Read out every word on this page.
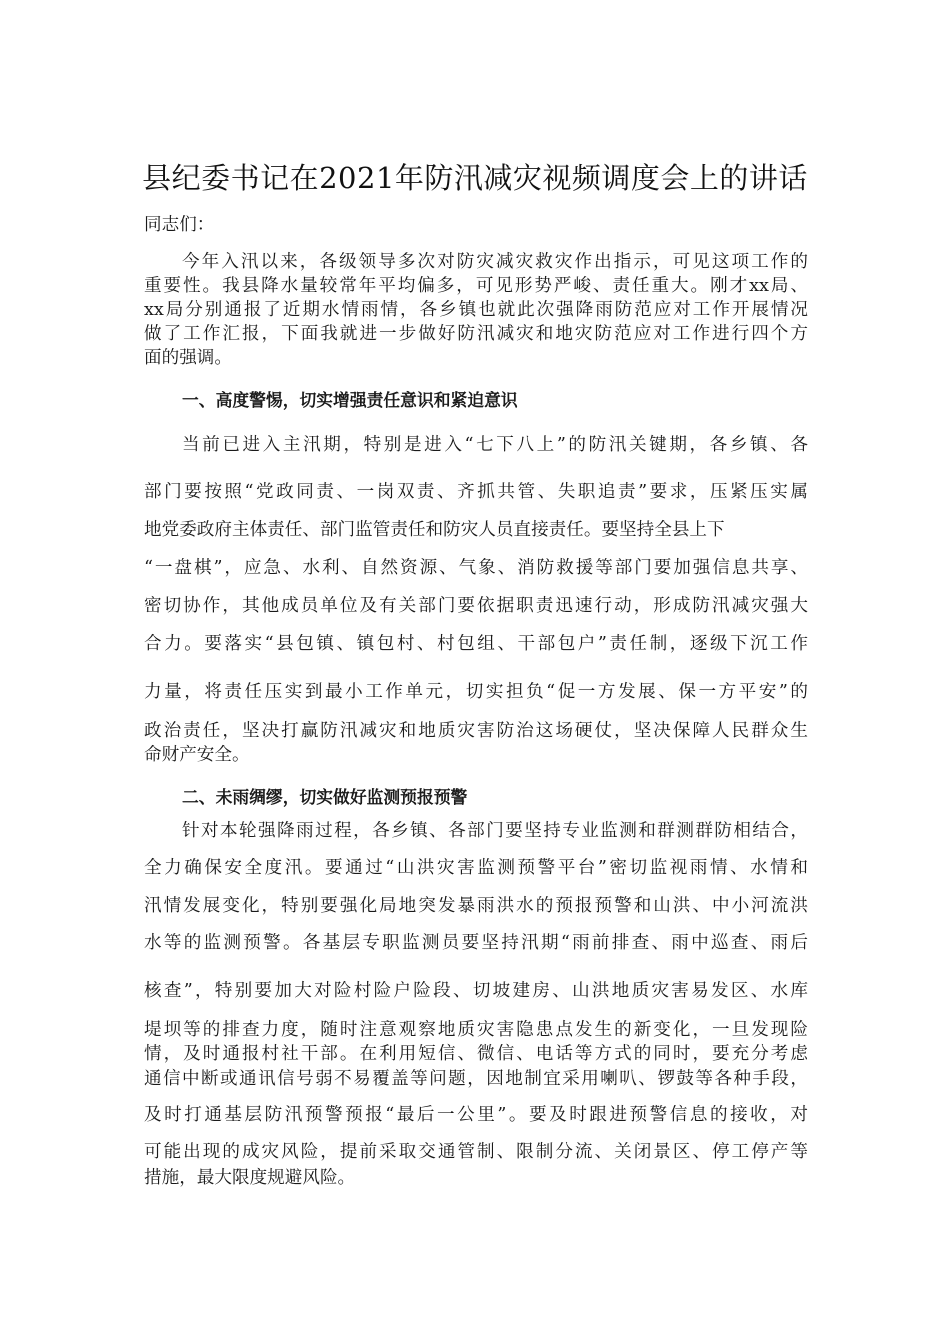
县纪委书记在2021年防汛减灾视频调度会上的讲话
同志们：
今年入汛以来，各级领导多次对防灾减灾救灾作出指示，可见这项工作的
重要性。我县降水量较常年平均偏多，可见形势严峻、责任重大。刚才xx局、
xx局分别通报了近期水情雨情，各乡镇也就此次强降雨防范应对工作开展情况
做了工作汇报，下面我就进一步做好防汛减灾和地灾防范应对工作进行四个方
面的强调。
一、高度警惕，切实增强责任意识和紧迫意识
当前已进入主汛期，特别是进入“七下八上”的防汛关键期，各乡镇、各
部门要按照“党政同责、一岗双责、齐抓共管、失职追责”要求，压紧压实属
地党委政府主体责任、部门监管责任和防灾人员直接责任。要坚持全县上下
“一盘棋”，应急、水利、自然资源、气象、消防救援等部门要加强信息共享、
密切协作，其他成员单位及有关部门要依据职责迅速行动，形成防汛减灾强大
合力。要落实“县包镇、镇包村、村包组、干部包户”责任制，逐级下沉工作
力量，将责任压实到最小工作单元，切实担负“促一方发展、保一方平安”的
政治责任，坚决打赢防汛减灾和地质灾害防治这场硬仗，坚决保障人民群众生
命财产安全。
二、未雨绸缪，切实做好监测预报预警
针对本轮强降雨过程，各乡镇、各部门要坚持专业监测和群测群防相结合，
全力确保安全度汛。要通过“山洪灾害监测预警平台”密切监视雨情、水情和
汛情发展变化，特别要强化局地突发暴雨洪水的预报预警和山洪、中小河流洪
水等的监测预警。各基层专职监测员要坚持汛期“雨前排查、雨中巡查、雨后
核查”，特别要加大对险村险户险段、切坡建房、山洪地质灾害易发区、水库
堤坝等的排查力度，随时注意观察地质灾害隐患点发生的新变化，一旦发现险
情，及时通报村社干部。在利用短信、微信、电话等方式的同时，要充分考虑
通信中断或通讯信号弱不易覆盖等问题，因地制宜采用喇叭、锣鼓等各种手段，
及时打通基层防汛预警预报“最后一公里”。要及时跟进预警信息的接收，对
可能出现的成灾风险，提前采取交通管制、限制分流、关闭景区、停工停产等
措施，最大限度规避风险。
